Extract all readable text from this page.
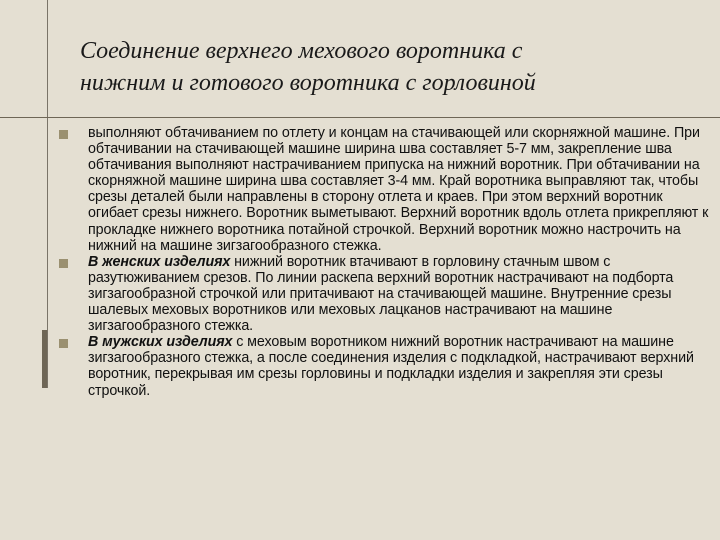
Соединение верхнего мехового воротника с
нижним и готового воротника с горловиной
выполняют обтачиванием по отлету и концам на стачивающей или скорняжной машине. При обтачивании на стачивающей машине ширина шва составляет 5-7 мм, закрепление шва обтачивания выполняют настрачиванием припуска на нижний воротник. При обтачивании на скорняжной машине ширина шва составляет 3-4 мм. Край воротника выправляют так, чтобы срезы деталей были направлены в сторону отлета и краев. При этом верхний воротник огибает срезы нижнего. Воротник выметывают. Верхний воротник вдоль отлета прикрепляют к прокладке нижнего воротника потайной строчкой. Верхний воротник можно настрочить на нижний на машине зигзагообразного стежка.
В женских изделиях нижний воротник втачивают в горловину стачным швом с разутюживанием срезов. По линии раскепа верхний воротник настрачивают на подборта зигзагообразной строчкой или притачивают на стачивающей машине. Внутренние срезы шалевых меховых воротников или меховых лацканов настрачивают на машине зигзагообразного стежка.
В мужских изделиях с меховым воротником нижний воротник настрачивают на машине зигзагообразного стежка, а после соединения изделия с подкладкой, настрачивают верхний воротник, перекрывая им срезы горловины и подкладки изделия и закрепляя эти срезы строчкой.
